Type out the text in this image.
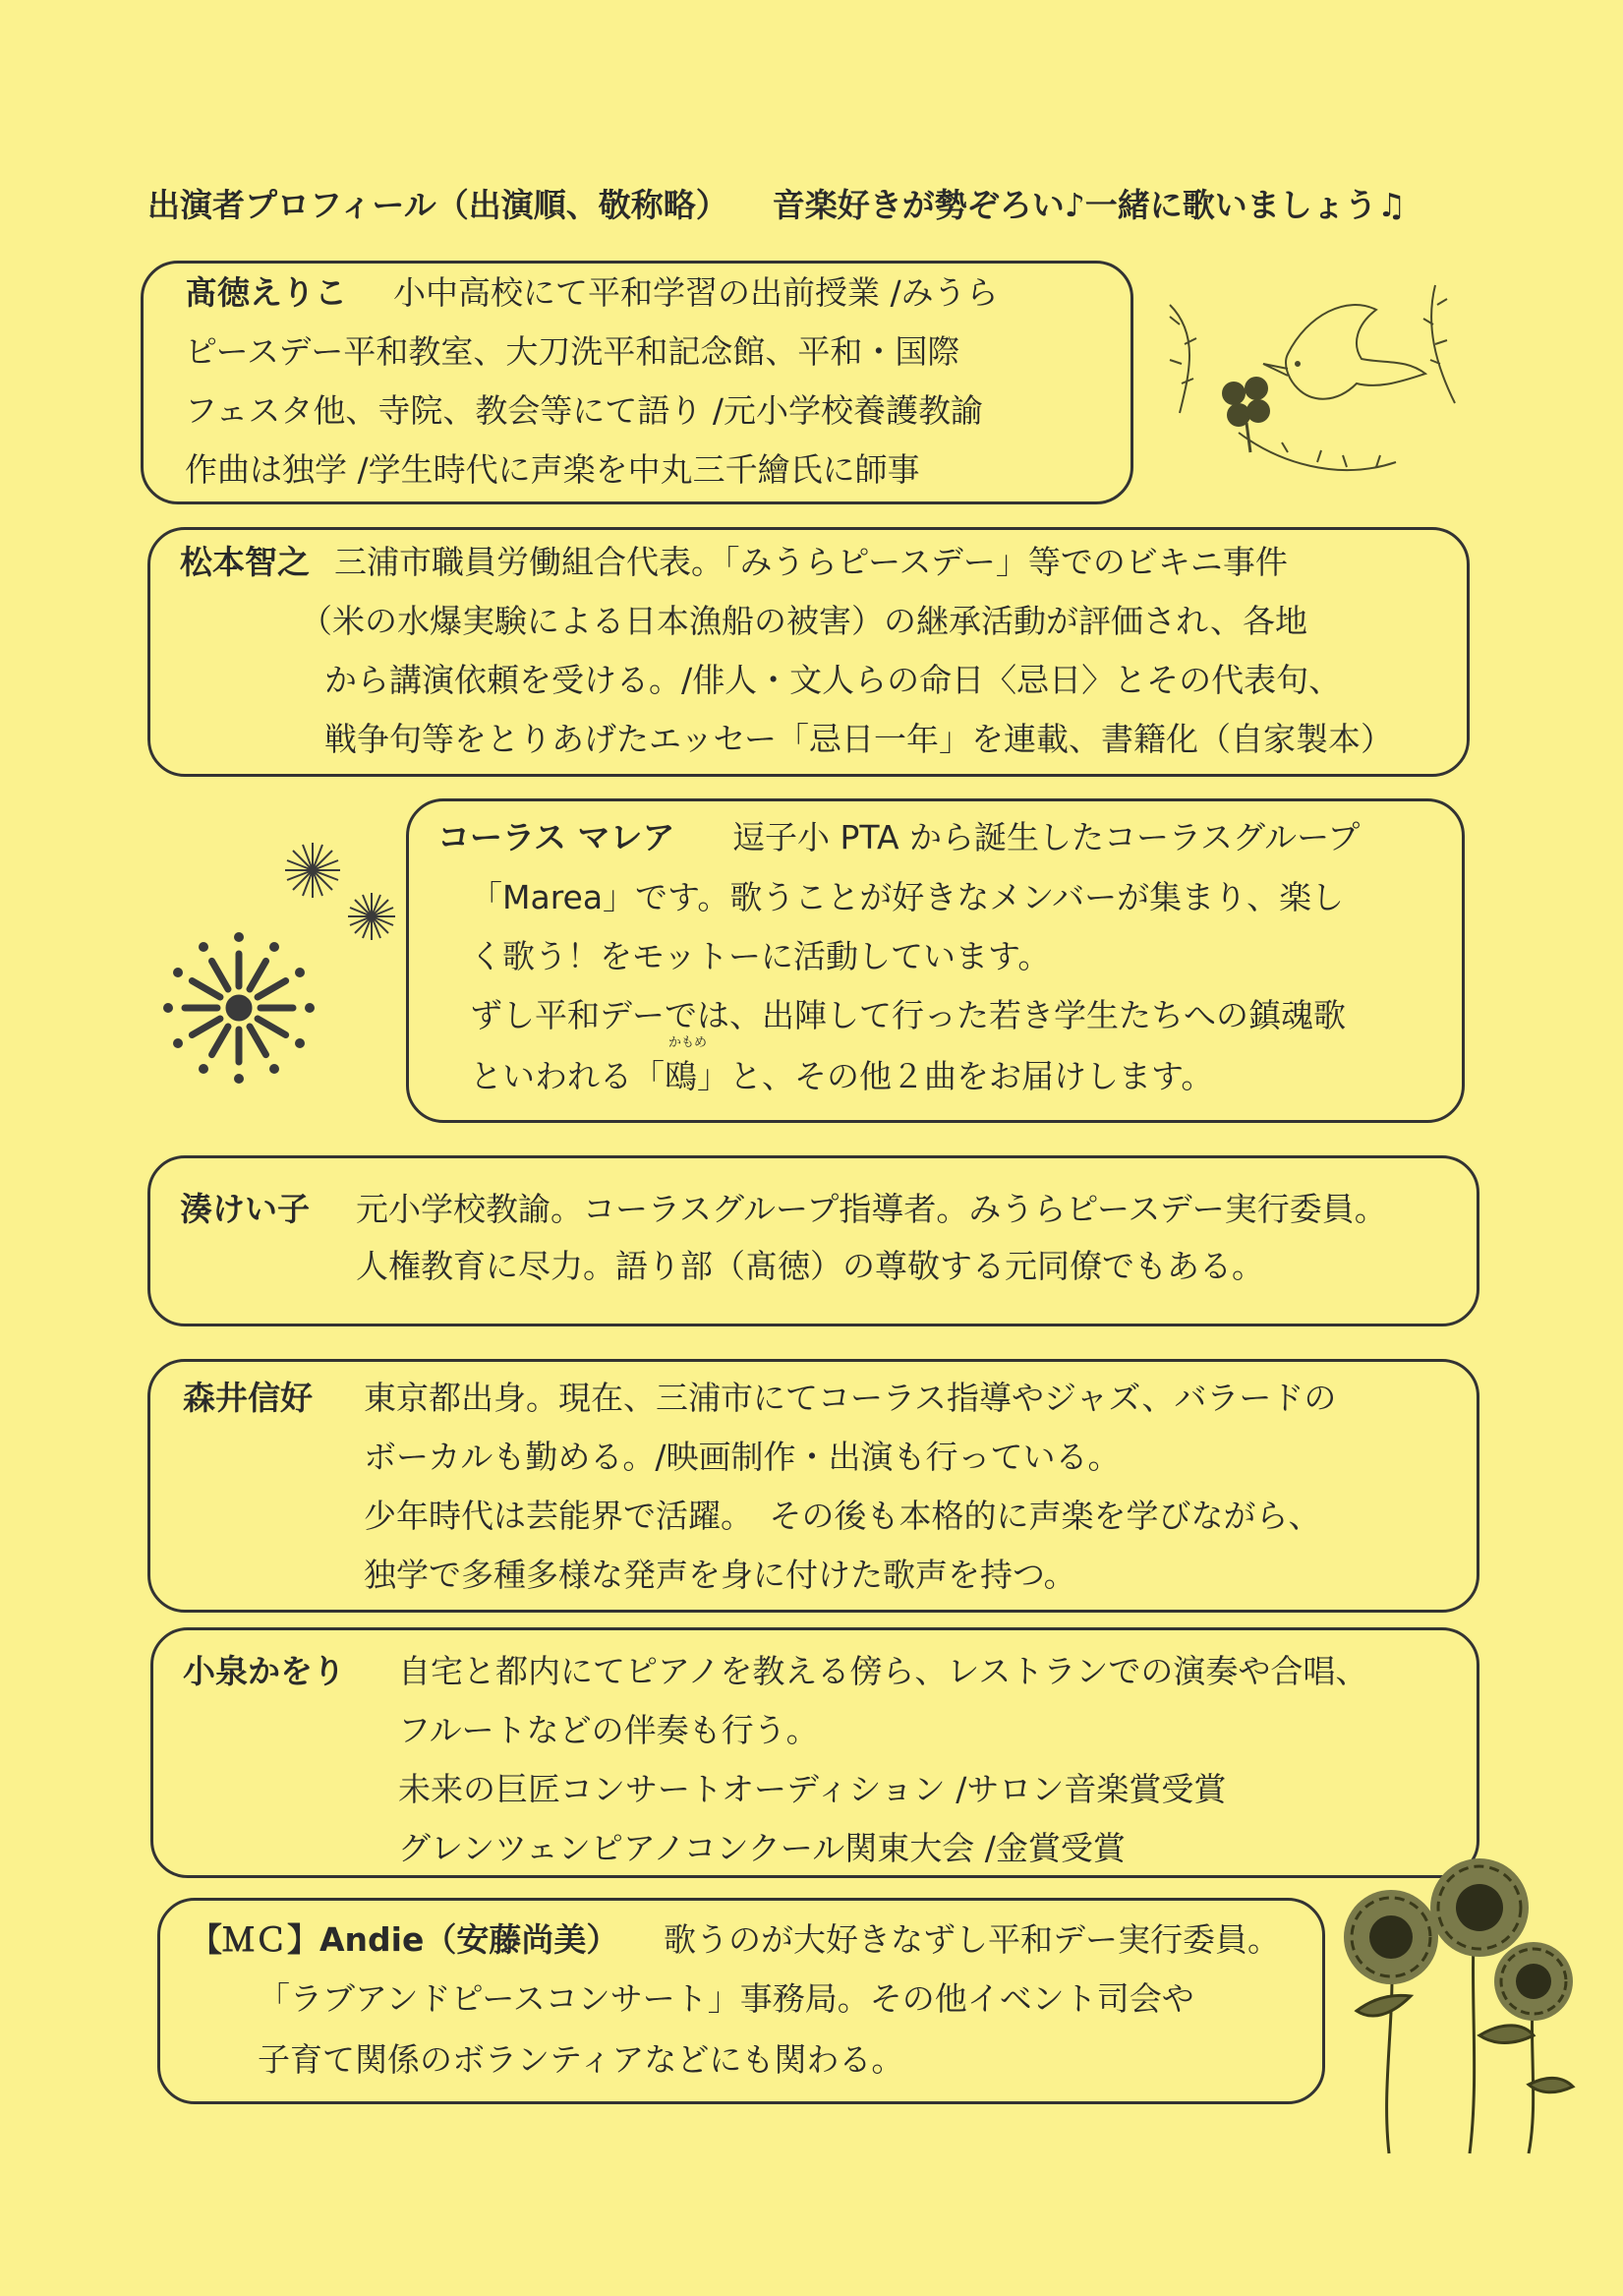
出演者プロフィール（出演順、敬称略） 音楽好きが勢ぞろい♪一緒に歌いましょう♫
髙徳えりこ 小中高校にて平和学習の出前授業 /みうら
ピースデー平和教室、大刀洗平和記念館、平和・国際
フェスタ他、寺院、教会等にて語り /元小学校養護教諭
作曲は独学 /学生時代に声楽を中丸三千繪氏に師事
松本智之 三浦市職員労働組合代表。「みうらピースデー」等でのビキニ事件
（米の水爆実験による日本漁船の被害）の継承活動が評価され、各地
から講演依頼を受ける。/俳人・文人らの命日〈忌日〉とその代表句、
戦争句等をとりあげたエッセー「忌日一年」を連載、書籍化（自家製本）
コーラス マレア 逗子小 PTA から誕生したコーラスグループ
「Marea」です。歌うことが好きなメンバーが集まり、楽し
く歌う！をモットーに活動しています。
ずし平和デーでは、出陣して行った若き学生たちへの鎮魂歌
といわれる「鴎」と、その他２曲をお届けします。
かもめ
湊けい子 元小学校教諭。コーラスグループ指導者。みうらピースデー実行委員。
人権教育に尽力。語り部（髙徳）の尊敬する元同僚でもある。
森井信好 東京都出身。現在、三浦市にてコーラス指導やジャズ、バラードの
ボーカルも勤める。/映画制作・出演も行っている。
少年時代は芸能界で活躍。　その後も本格的に声楽を学びながら、
独学で多種多様な発声を身に付けた歌声を持つ。
小泉かをり 自宅と都内にてピアノを教える傍ら、レストランでの演奏や合唱、
フルートなどの伴奏も行う。
未来の巨匠コンサートオーディション /サロン音楽賞受賞
グレンツェンピアノコンクール関東大会 /金賞受賞
【ＭＣ】Andie（安藤尚美） 歌うのが大好きなずし平和デー実行委員。
「ラブアンドピースコンサート」事務局。その他イベント司会や
子育て関係のボランティアなどにも関わる。
